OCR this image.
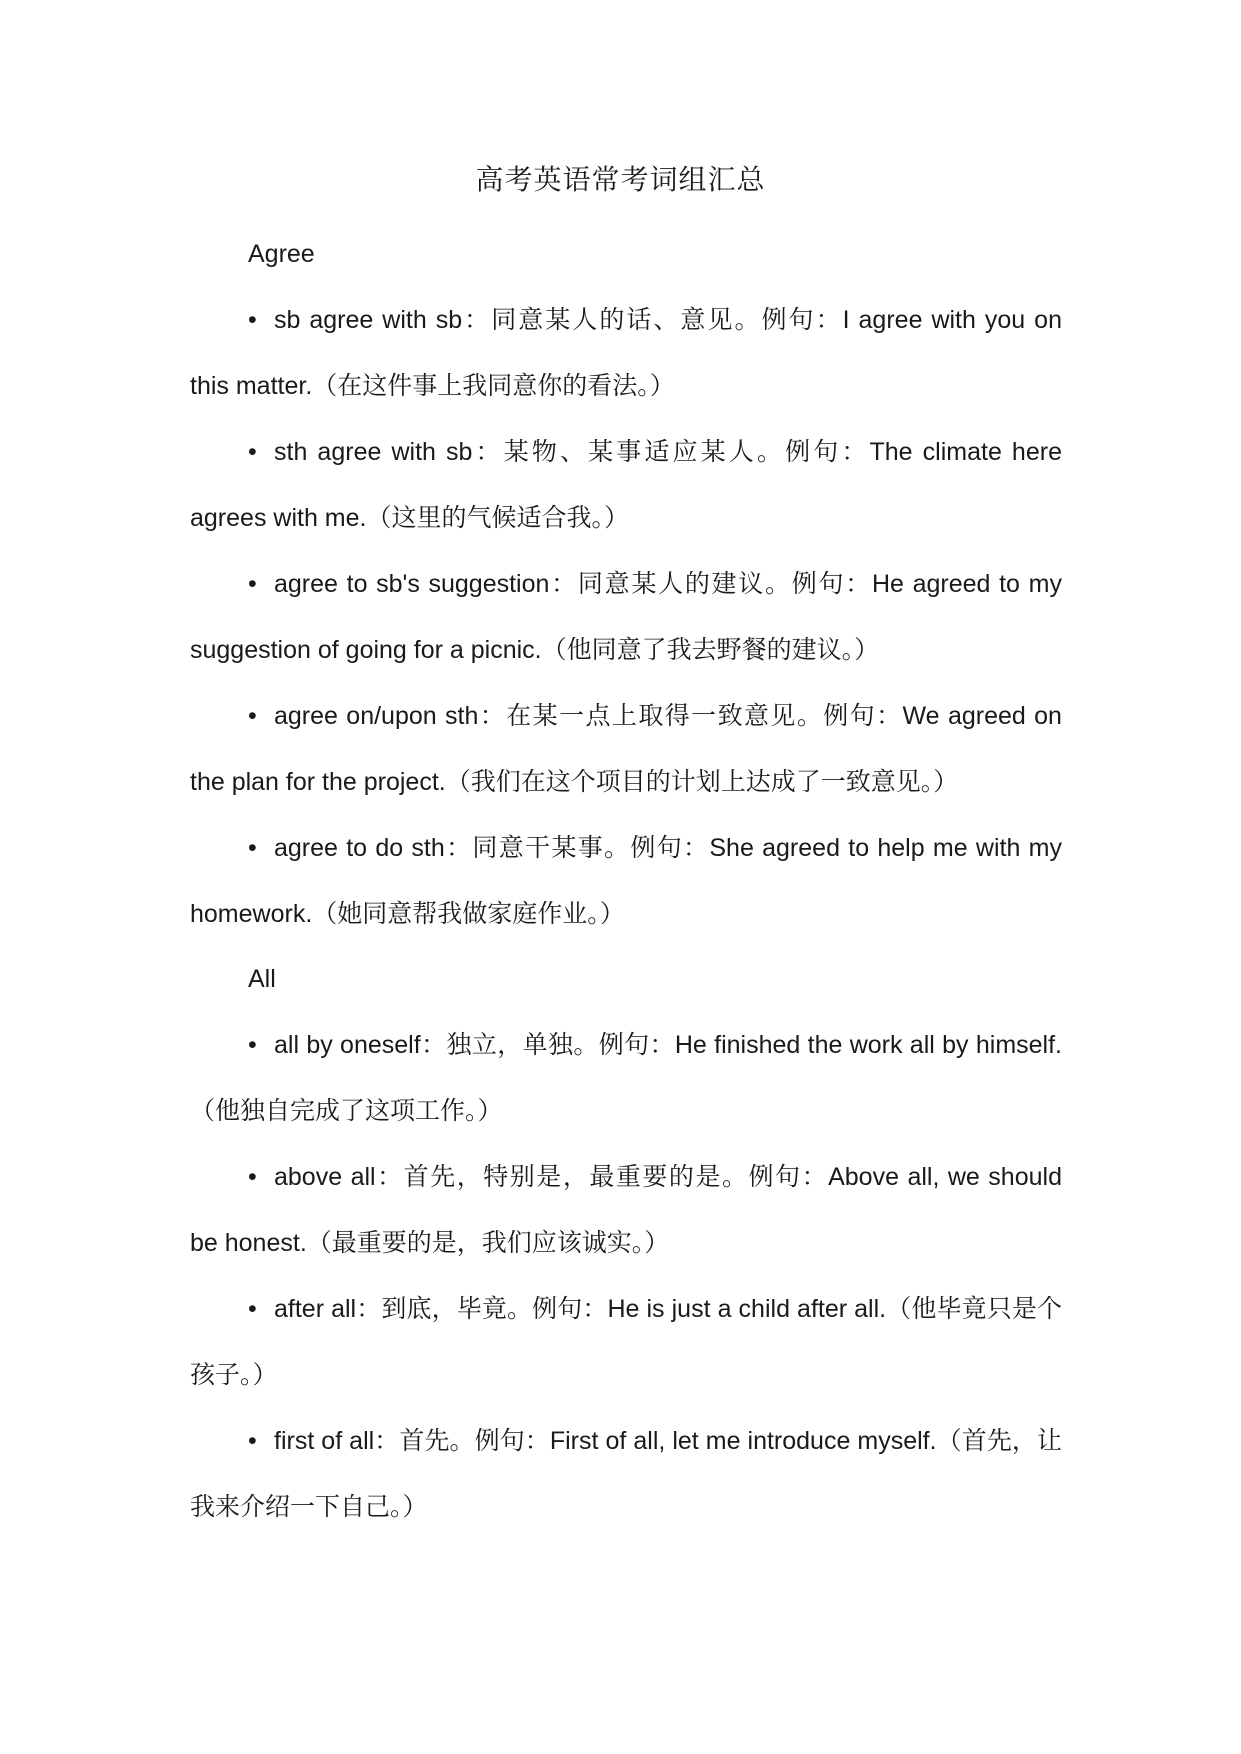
高考英语常考词组汇总
Agree

• sb agree with sb：同意某人的话、意见。例句：I agree with you on this matter.（在这件事上我同意你的看法。）

• sth agree with sb：某物、某事适应某人。例句：The climate here agrees with me.（这里的气候适合我。）

• agree to sb's suggestion：同意某人的建议。例句：He agreed to my suggestion of going for a picnic.（他同意了我去野餐的建议。）

• agree on/upon sth：在某一点上取得一致意见。例句：We agreed on the plan for the project.（我们在这个项目的计划上达成了一致意见。）

• agree to do sth：同意干某事。例句：She agreed to help me with my homework.（她同意帮我做家庭作业。）

All

• all by oneself：独立，单独。例句：He finished the work all by himself.（他独自完成了这项工作。）

• above all：首先，特别是，最重要的是。例句：Above all, we should be honest.（最重要的是，我们应该诚实。）

• after all：到底，毕竟。例句：He is just a child after all.（他毕竟只是个孩子。）

• first of all：首先。例句：First of all, let me introduce myself.（首先，让我来介绍一下自己。）
